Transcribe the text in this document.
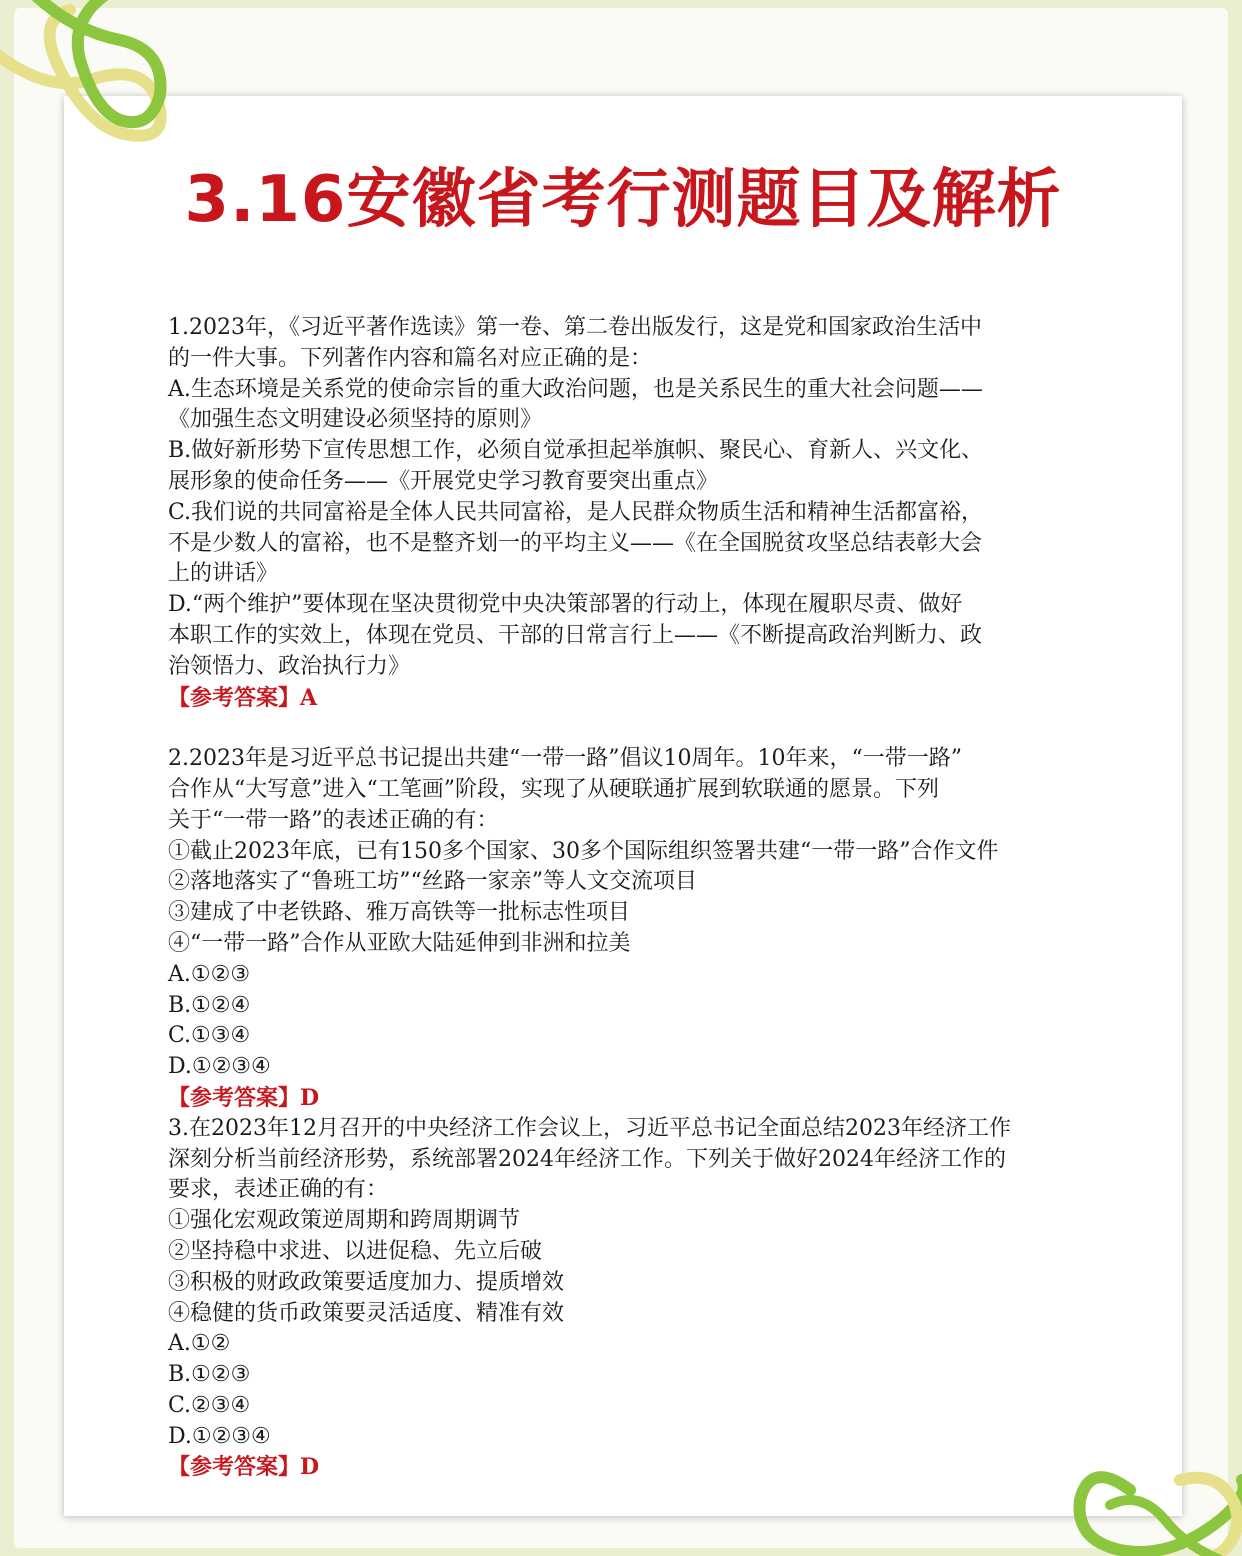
3.16安徽省考行测题目及解析
1.2023年，《习近平著作选读》第一卷、第二卷出版发行，这是党和国家政治生活中
的一件大事。下列著作内容和篇名对应正确的是：
A.生态环境是关系党的使命宗旨的重大政治问题，也是关系民生的重大社会问题——
《加强生态文明建设必须坚持的原则》
B.做好新形势下宣传思想工作，必须自觉承担起举旗帜、聚民心、育新人、兴文化、
展形象的使命任务——《开展党史学习教育要突出重点》
C.我们说的共同富裕是全体人民共同富裕，是人民群众物质生活和精神生活都富裕，
不是少数人的富裕，也不是整齐划一的平均主义——《在全国脱贫攻坚总结表彰大会
上的讲话》
D.“两个维护”要体现在坚决贯彻党中央决策部署的行动上，体现在履职尽责、做好
本职工作的实效上，体现在党员、干部的日常言行上——《不断提高政治判断力、政
治领悟力、政治执行力》
【参考答案】A
2.2023年是习近平总书记提出共建“一带一路”倡议10周年。10年来，“一带一路”
合作从“大写意”进入“工笔画”阶段，实现了从硬联通扩展到软联通的愿景。下列
关于“一带一路”的表述正确的有：
①截止2023年底，已有150多个国家、30多个国际组织签署共建“一带一路”合作文件
②落地落实了“鲁班工坊”“丝路一家亲”等人文交流项目
③建成了中老铁路、雅万高铁等一批标志性项目
④“一带一路”合作从亚欧大陆延伸到非洲和拉美
A.①②③
B.①②④
C.①③④
D.①②③④
【参考答案】D
3.在2023年12月召开的中央经济工作会议上，习近平总书记全面总结2023年经济工作
深刻分析当前经济形势，系统部署2024年经济工作。下列关于做好2024年经济工作的
要求，表述正确的有：
①强化宏观政策逆周期和跨周期调节
②坚持稳中求进、以进促稳、先立后破
③积极的财政政策要适度加力、提质增效
④稳健的货币政策要灵活适度、精准有效
A.①②
B.①②③
C.②③④
D.①②③④
【参考答案】D
